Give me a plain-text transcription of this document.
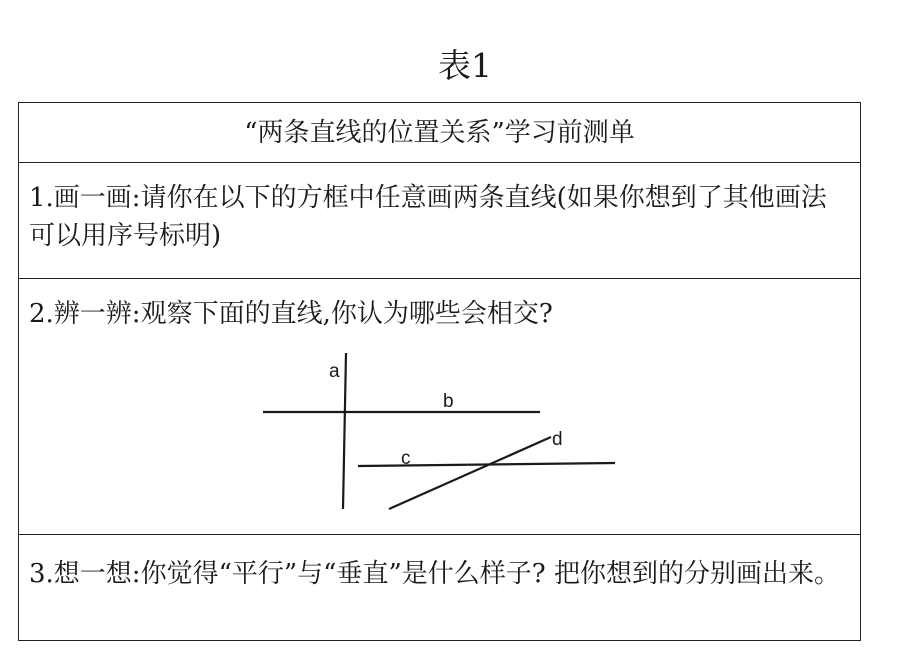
表1
“两条直线的位置关系”学习前测单
1.画一画:请你在以下的方框中任意画两条直线(如果你想到了其他画法可以用序号标明)
2.辨一辨:观察下面的直线,你认为哪些会相交?
a
b
c
d
3.想一想:你觉得“平行”与“垂直”是什么样子? 把你想到的分别画出来。
